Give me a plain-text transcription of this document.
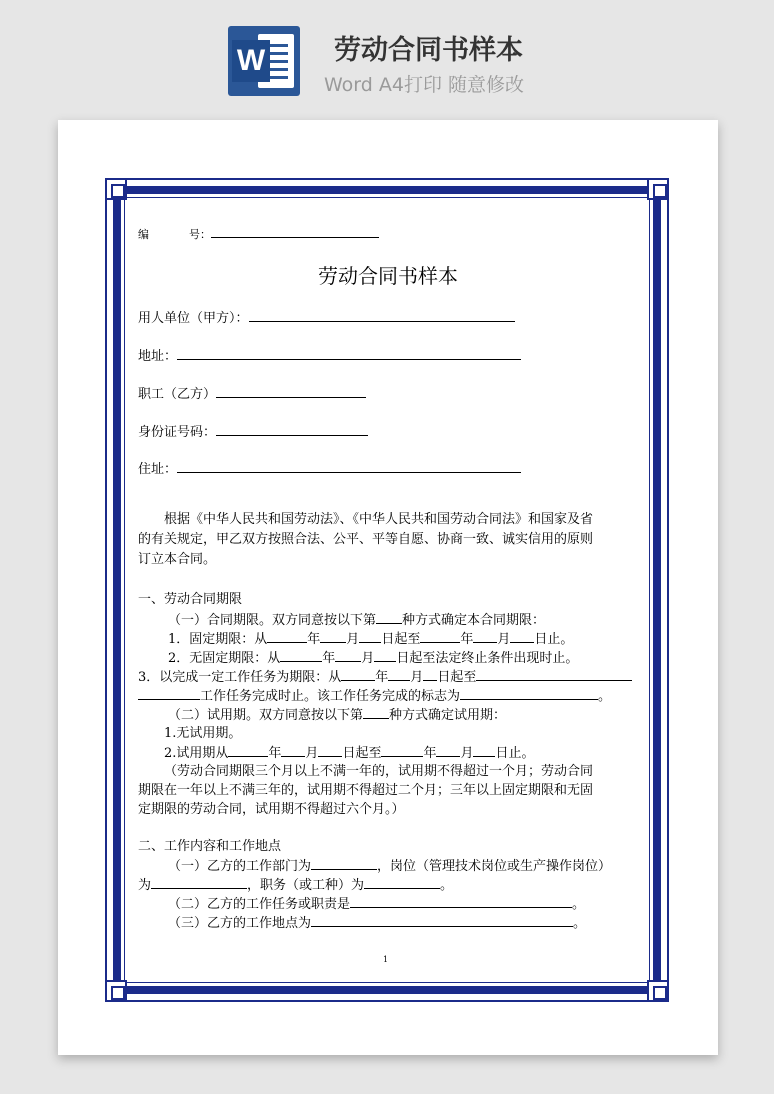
W	劳动合同书样本
Word A4打印 随意修改
编	号：
劳动合同书样本
用人单位（甲方）：
地址：
职工（乙方）
身份证号码：
住址：
根据《中华人民共和国劳动法》、《中华人民共和国劳动合同法》和国家及省
的有关规定，甲乙双方按照合法、公平、平等自愿、协商一致、诚实信用的原则
订立本合同。
一、劳动合同期限
（一）合同期限。双方同意按以下第 种方式确定本合同期限：
1．固定期限：从	年 月 日起至	年 月 日止。
2．无固定期限：从	年 月 日起至法定终止条件出现时止。
3．以完成一定工作任务为期限：从	年 月 日起至
工作任务完成时止。该工作任务完成的标志为	。
（二）试用期。双方同意按以下第 种方式确定试用期：
1.无试用期。
2.试用期从	年 月 日起至	年 月 日止。
（劳动合同期限三个月以上不满一年的，试用期不得超过一个月；劳动合同
期限在一年以上不满三年的，试用期不得超过二个月；三年以上固定期限和无固
定期限的劳动合同，试用期不得超过六个月。）
二、工作内容和工作地点
（一）乙方的工作部门为	，岗位（管理技术岗位或生产操作岗位）
为	，职务（或工种）为	。
（二）乙方的工作任务或职责是	。
（三）乙方的工作地点为	。
1
